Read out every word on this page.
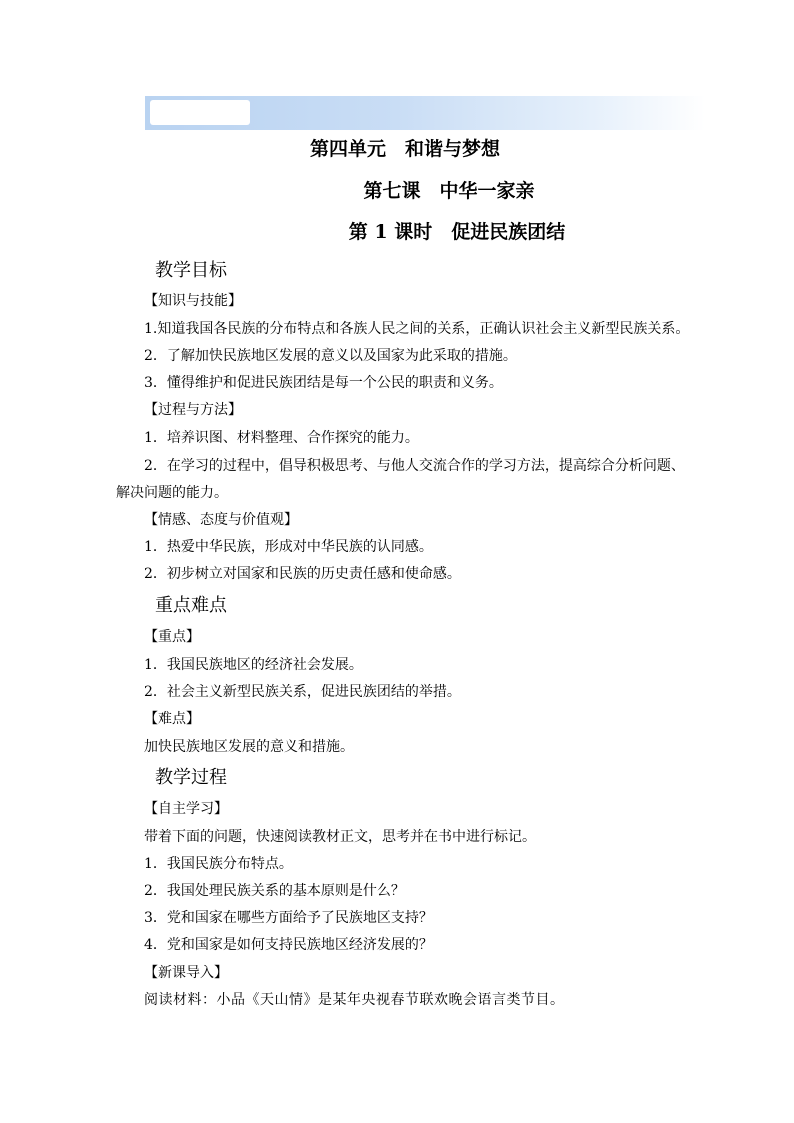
第四单元　和谐与梦想
第七课　中华一家亲
第 1 课时　促进民族团结
教学目标
【知识与技能】
1.知道我国各民族的分布特点和各族人民之间的关系，正确认识社会主义新型民族关系。
2．了解加快民族地区发展的意义以及国家为此采取的措施。
3．懂得维护和促进民族团结是每一个公民的职责和义务。
【过程与方法】
1．培养识图、材料整理、合作探究的能力。
2．在学习的过程中，倡导积极思考、与他人交流合作的学习方法，提高综合分析问题、
解决问题的能力。
【情感、态度与价值观】
1．热爱中华民族，形成对中华民族的认同感。
2．初步树立对国家和民族的历史责任感和使命感。
重点难点
【重点】
1．我国民族地区的经济社会发展。
2．社会主义新型民族关系，促进民族团结的举措。
【难点】
加快民族地区发展的意义和措施。
教学过程
【自主学习】
带着下面的问题，快速阅读教材正文，思考并在书中进行标记。
1．我国民族分布特点。
2．我国处理民族关系的基本原则是什么？
3．党和国家在哪些方面给予了民族地区支持？
4．党和国家是如何支持民族地区经济发展的？
【新课导入】
阅读材料：小品《天山情》是某年央视春节联欢晚会语言类节目。
